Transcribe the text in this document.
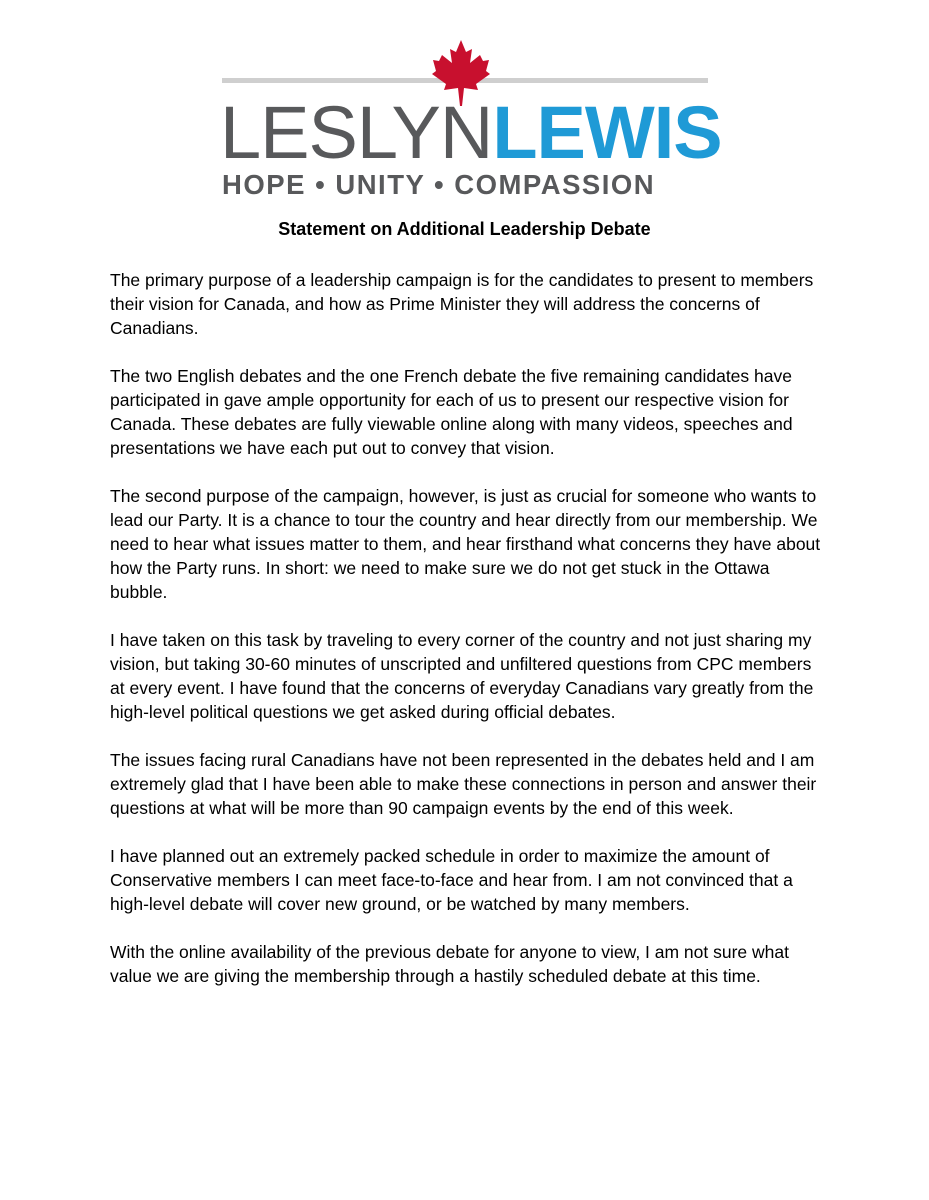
LESLYNLEWIS
HOPE • UNITY • COMPASSION
Statement on Additional Leadership Debate

The primary purpose of a leadership campaign is for the candidates to present to members their vision for Canada, and how as Prime Minister they will address the concerns of Canadians.

The two English debates and the one French debate the five remaining candidates have participated in gave ample opportunity for each of us to present our respective vision for Canada. These debates are fully viewable online along with many videos, speeches and presentations we have each put out to convey that vision.

The second purpose of the campaign, however, is just as crucial for someone who wants to lead our Party. It is a chance to tour the country and hear directly from our membership. We need to hear what issues matter to them, and hear firsthand what concerns they have about how the Party runs. In short: we need to make sure we do not get stuck in the Ottawa bubble.

I have taken on this task by traveling to every corner of the country and not just sharing my vision, but taking 30-60 minutes of unscripted and unfiltered questions from CPC members at every event. I have found that the concerns of everyday Canadians vary greatly from the high-level political questions we get asked during official debates.

The issues facing rural Canadians have not been represented in the debates held and I am extremely glad that I have been able to make these connections in person and answer their questions at what will be more than 90 campaign events by the end of this week.

I have planned out an extremely packed schedule in order to maximize the amount of Conservative members I can meet face-to-face and hear from. I am not convinced that a high-level debate will cover new ground, or be watched by many members.

With the online availability of the previous debate for anyone to view, I am not sure what value we are giving the membership through a hastily scheduled debate at this time.
